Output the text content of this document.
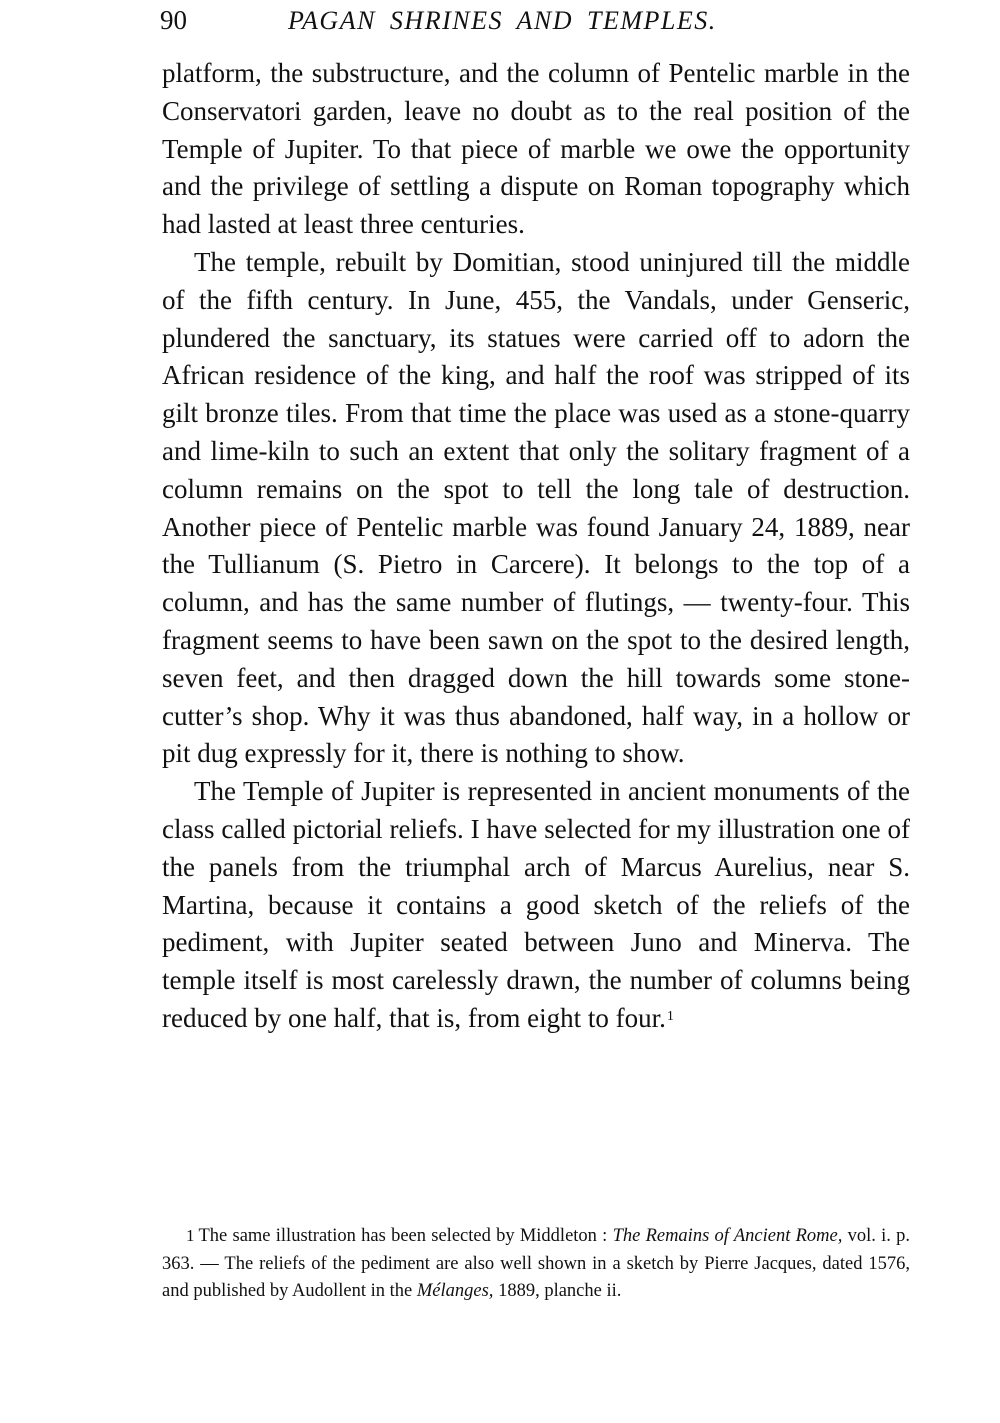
90	PAGAN SHRINES AND TEMPLES.

platform, the substructure, and the column of Pentelic marble in the Conservatori garden, leave no doubt as to the real position of the Temple of Jupiter. To that piece of marble we owe the opportunity and the privilege of settling a dispute on Roman topography which had lasted at least three centuries.

The temple, rebuilt by Domitian, stood uninjured till the middle of the fifth century. In June, 455, the Vandals, under Genseric, plundered the sanctuary, its statues were carried off to adorn the African residence of the king, and half the roof was stripped of its gilt bronze tiles. From that time the place was used as a stone-quarry and lime-kiln to such an extent that only the solitary fragment of a column remains on the spot to tell the long tale of destruction. Another piece of Pentelic marble was found January 24, 1889, near the Tullianum (S. Pietro in Carcere). It belongs to the top of a column, and has the same number of flutings, — twenty-four. This fragment seems to have been sawn on the spot to the desired length, seven feet, and then dragged down the hill towards some stone-cutter’s shop. Why it was thus abandoned, half way, in a hollow or pit dug expressly for it, there is nothing to show.

The Temple of Jupiter is represented in ancient monuments of the class called pictorial reliefs. I have selected for my illustration one of the panels from the triumphal arch of Marcus Aurelius, near S. Martina, because it contains a good sketch of the reliefs of the pediment, with Jupiter seated between Juno and Minerva. The temple itself is most carelessly drawn, the number of columns being reduced by one half, that is, from eight to four.$^1$

1 The same illustration has been selected by Middleton : The Remains of Ancient Rome, vol. i. p. 363. — The reliefs of the pediment are also well shown in a sketch by Pierre Jacques, dated 1576, and published by Audollent in the Mélanges, 1889, planche ii.
